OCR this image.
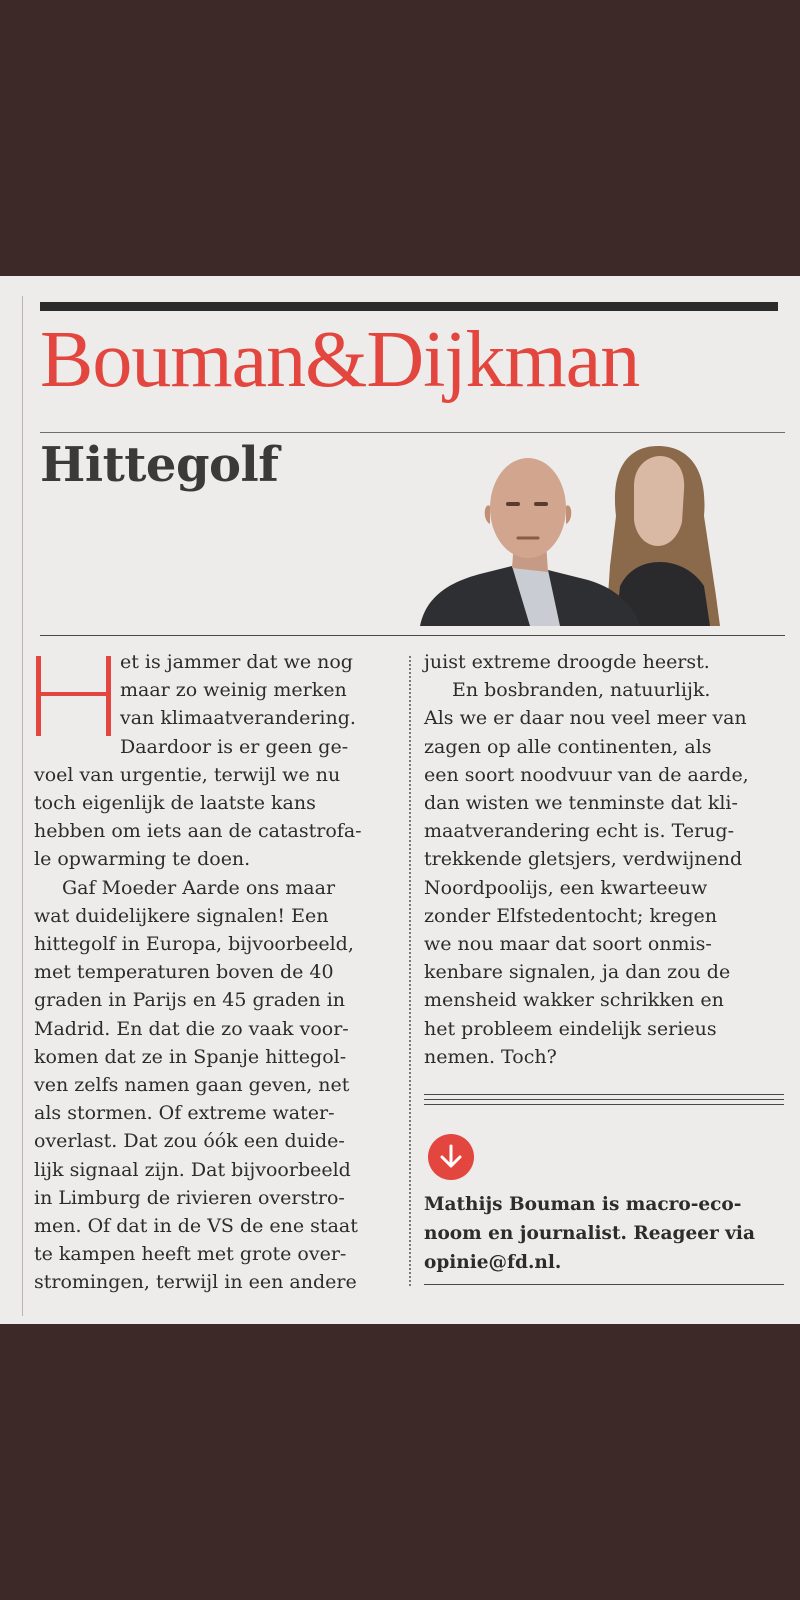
Bouman&Dijkman
Hittegolf

et is jammer dat we nog

maar zo weinig merken

van klimaatverandering.

Daardoor is er geen ge-

voel van urgentie, terwijl we nu

toch eigenlijk de laatste kans

hebben om iets aan de catastrofa-

le opwarming te doen.

Gaf Moeder Aarde ons maar

wat duidelijkere signalen! Een

hittegolf in Europa, bijvoorbeeld,

met temperaturen boven de 40

graden in Parijs en 45 graden in

Madrid. En dat die zo vaak voor-

komen dat ze in Spanje hittegol-

ven zelfs namen gaan geven, net

als stormen. Of extreme water-

overlast. Dat zou óók een duide-

lijk signaal zijn. Dat bijvoorbeeld

in Limburg de rivieren overstro-

men. Of dat in de VS de ene staat

te kampen heeft met grote over-

stromingen, terwijl in een andere

juist extreme droogde heerst.

En bosbranden, natuurlijk.

Als we er daar nou veel meer van

zagen op alle continenten, als

een soort noodvuur van de aarde,

dan wisten we tenminste dat kli-

maatverandering echt is. Terug-

trekkende gletsjers, verdwijnend

Noordpoolijs, een kwarteeuw

zonder Elfstedentocht; kregen

we nou maar dat soort onmis-

kenbare signalen, ja dan zou de

mensheid wakker schrikken en

het probleem eindelijk serieus

nemen. Toch?

Mathijs Bouman is macro-eco-

noom en journalist. Reageer via

opinie@fd.nl.
